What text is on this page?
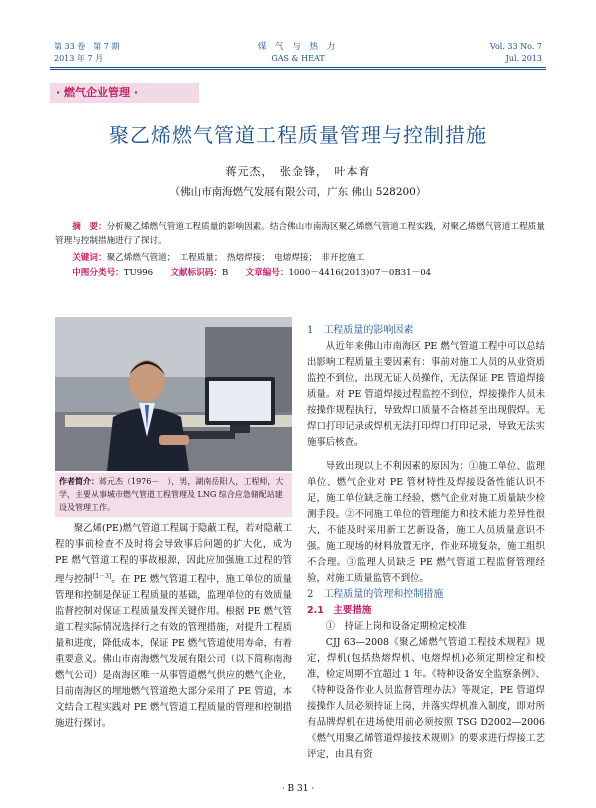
第 33 卷　第 7 期
2013 年 7 月
煤 气 与 热 力
GAS & HEAT
Vol. 33 No. 7
Jul. 2013
· 燃气企业管理 ·
聚乙烯燃气管道工程质量管理与控制措施
蒋元杰，　张金锋，　叶本育
（佛山市南海燃气发展有限公司，广东 佛山 528200）
摘　要：分析聚乙烯燃气管道工程质量的影响因素。结合佛山市南海区聚乙烯燃气管道工程实践，对聚乙烯燃气管道工程质量管理与控制措施进行了探讨。
关键词：聚乙烯燃气管道；　工程质量；　热熔焊接；　电熔焊接；　非开挖施工
中图分类号：TU996　　 文献标识码：B　　 文章编号：1000－4416(2013)07－0B31－04
作者简介：蒋元杰（1976－　），男，湖南岳阳人，工程师，大学，主要从事城市燃气管道工程管理及 LNG 综合应急储配站建设及管理工作。

聚乙烯(PE)燃气管道工程属于隐蔽工程，若对隐蔽工程的事前检查不及时将会导致事后问题的扩大化，成为 PE 燃气管道工程的事故根源，因此应加强施工过程的管理与控制[1－3]。在 PE 燃气管道工程中，施工单位的质量管理和控制是保证工程质量的基础，监理单位的有效质量监督控制对保证工程质量发挥关键作用。根据 PE 燃气管道工程实际情况选择行之有效的管理措施，对提升工程质量和进度，降低成本，保证 PE 燃气管道使用寿命，有着重要意义。佛山市南海燃气发展有限公司（以下简称南海燃气公司）是南海区唯一从事管道燃气供应的燃气企业，目前南海区的埋地燃气管道绝大部分采用了 PE 管道，本文结合工程实践对 PE 燃气管道工程质量的管理和控制措施进行探讨。

1　工程质量的影响因素

从近年来佛山市南海区 PE 燃气管道工程中可以总结出影响工程质量主要因素有：事前对施工人员的从业资质监控不到位，出现无证人员操作，无法保证 PE 管道焊接质量。对 PE 管道焊接过程监控不到位，焊接操作人员未按操作规程执行，导致焊口质量不合格甚至出现假焊。无焊口打印记录或焊机无法打印焊口打印记录，导致无法实施事后核查。

导致出现以上不利因素的原因为：①施工单位、监理单位、燃气企业对 PE 管材特性及焊接设备性能认识不足，施工单位缺乏施工经验，燃气企业对施工质量缺少检测手段。②不同施工单位的管理能力和技术能力差异性很大，不能及时采用新工艺新设备，施工人员质量意识不强。施工现场的材料放置无序，作业环境复杂，施工组织不合理。③监理人员缺乏 PE 燃气管道工程监督管理经验，对施工质量监管不到位。

2　工程质量的管理和控制措施

2.1　主要措施

①　持证上岗和设备定期检定校准

CJJ 63—2008《聚乙烯燃气管道工程技术规程》规定，焊机(包括热熔焊机、电熔焊机)必须定期检定和校准，检定周期不宜超过 1 年。《特种设备安全监察条例》、《特种设备作业人员监督管理办法》等规定，PE 管道焊接操作人员必须持证上岗，并落实焊机准入制度，即对所有品牌焊机在进场使用前必须按照 TSG D2002—2006《燃气用聚乙烯管道焊接技术规则》的要求进行焊接工艺评定，由具有资

· B 31 ·
